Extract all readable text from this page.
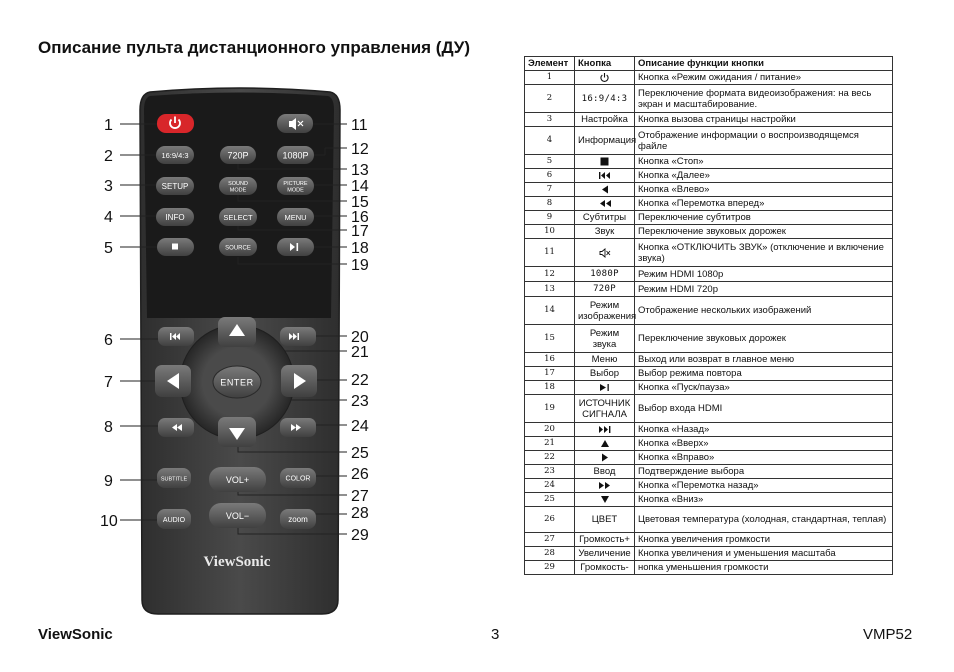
Описание пульта дистанционного управления (ДУ)
16:9/4:3	720P	1080P
SETUP	SOUND
MODE
PICTURE
MODE
INFO	SELECT	MENU
SOURCE
ENTER
SUBTITLE	COLOR
VOL+
AUDIO	zoom
VOL−
ViewSonic
1
2
3
4
5
6
7
8
9
10
11
12
13
14
15
16
17
18
19
20
21
22
23
24
25
26
27
28
29
Элемент	Кнопка	Описание функции кнопки
1		Кнопка «Режим ожидания / питание»
2	16:9/4:3	Переключение формата видеоизображения: на весь экран и масштабирование.
3	Настройка	Кнопка вызова страницы настройки
4	Информация	Отображение информации о воспроизводящемся файле
5		Кнопка «Стоп»
6		Кнопка «Далее»
7		Кнопка «Влево»
8		Кнопка «Перемотка вперед»
9	Субтитры	Переключение субтитров
10	Звук	Переключение звуковых дорожек
11		Кнопка «ОТКЛЮЧИТЬ ЗВУК» (отключение и включение звука)
12	1080P	Режим HDMI 1080p
13	720P	Режим HDMI 720p
14	Режим изображения	Отображение нескольких изображений
15	Режим звука	Переключение звуковых дорожек
16	Меню	Выход или возврат в главное меню
17	Выбор	Выбор режима повтора
18		Кнопка «Пуск/пауза»
19	ИСТОЧНИК СИГНАЛА	Выбор входа HDMI
20		Кнопка «Назад»
21		Кнопка «Вверх»
22		Кнопка «Вправо»
23	Ввод	Подтверждение выбора
24		Кнопка «Перемотка назад»
25		Кнопка «Вниз»
26	ЦВЕТ	Цветовая температура (холодная, стандартная, теплая)
27	Громкость+	Кнопка увеличения громкости
28	Увеличение	Кнопка увеличения и уменьшения масштаба
29	Громкость-	нопка уменьшения громкости
ViewSonic	3	VMP52
